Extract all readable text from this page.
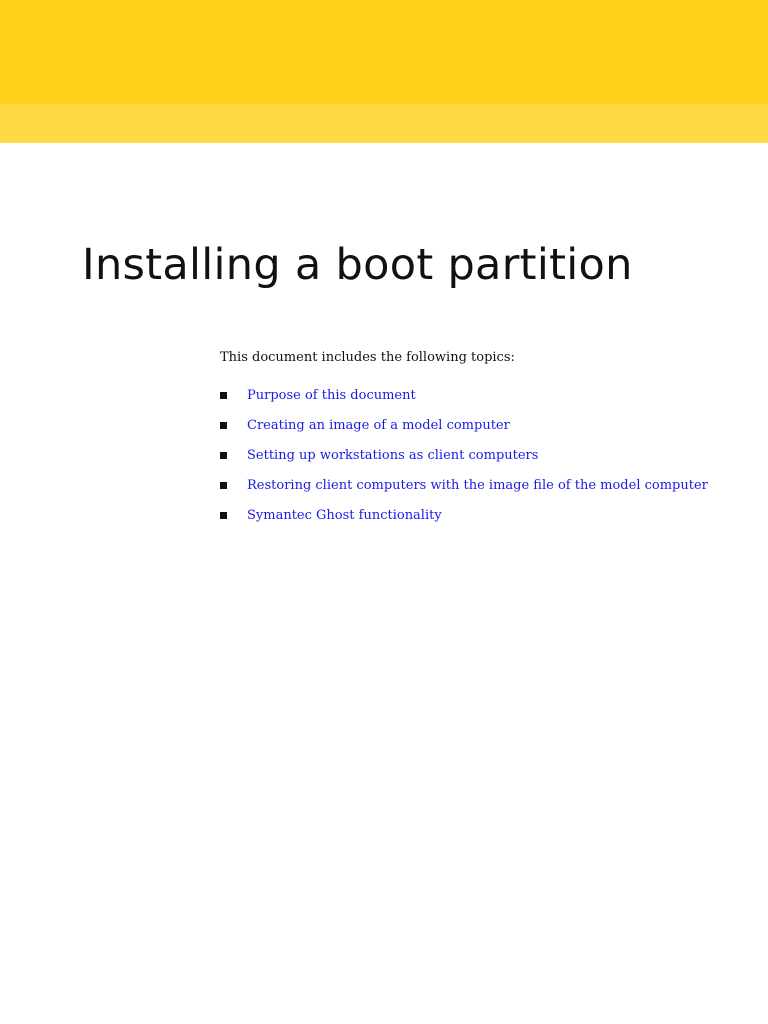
Installing a boot partition

This document includes the following topics:

Purpose of this document
Creating an image of a model computer
Setting up workstations as client computers
Restoring client computers with the image file of the model computer
Symantec Ghost functionality
